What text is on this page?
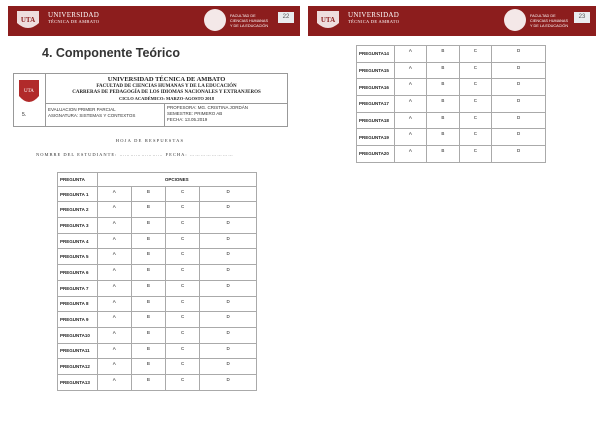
UTA
UNIVERSIDAD
TÉCNICA DE AMBATO
FACULTAD DE CIENCIAS HUMANAS
Y DE LA EDUCACIÓN
22
4. Componente Teórico
UTA
5.
UNIVERSIDAD TÉCNICA DE AMBATO
FACULTAD DE CIENCIAS HUMANAS Y DE LA EDUCACIÓN
CARRERAS DE PEDAGOGÍA DE LOS IDIOMAS NACIONALES Y EXTRANJEROS
CICLO ACADÉMICO: MARZO-AGOSTO 2018
EVALUACION PRIMER PARCIAL
ASIGNATURA: SISTEMAS Y CONTEXTOS
PROFESORA: MG. CRISTINA JORDÁN
SEMESTRE: PRIMERO AB
FECHA: 13.05.2019
HOJA DE RESPUESTAS
NOMBRE DEL ESTUDIANTE: …………………… FECHA: ……………………
PREGUNTA	OPCIONES			
PREGUNTA 1	A	B	C	D
PREGUNTA 2	A	B	C	D
PREGUNTA 3	A	B	C	D
PREGUNTA 4	A	B	C	D
PREGUNTA 5	A	B	C	D
PREGUNTA 6	A	B	C	D
PREGUNTA 7	A	B	C	D
PREGUNTA 8	A	B	C	D
PREGUNTA 9	A	B	C	D
PREGUNTA10	A	B	C	D
PREGUNTA11	A	B	C	D
PREGUNTA12	A	B	C	D
PREGUNTA13	A	B	C	D
UTA
UNIVERSIDAD
TÉCNICA DE AMBATO
FACULTAD DE CIENCIAS HUMANAS
Y DE LA EDUCACIÓN
23
PREGUNTA14	A	B	C	D
PREGUNTA15	A	B	C	D
PREGUNTA16	A	B	C	D
PREGUNTA17	A	B	C	D
PREGUNTA18	A	B	C	D
PREGUNTA19	A	B	C	D
PREGUNTA20	A	B	C	D
